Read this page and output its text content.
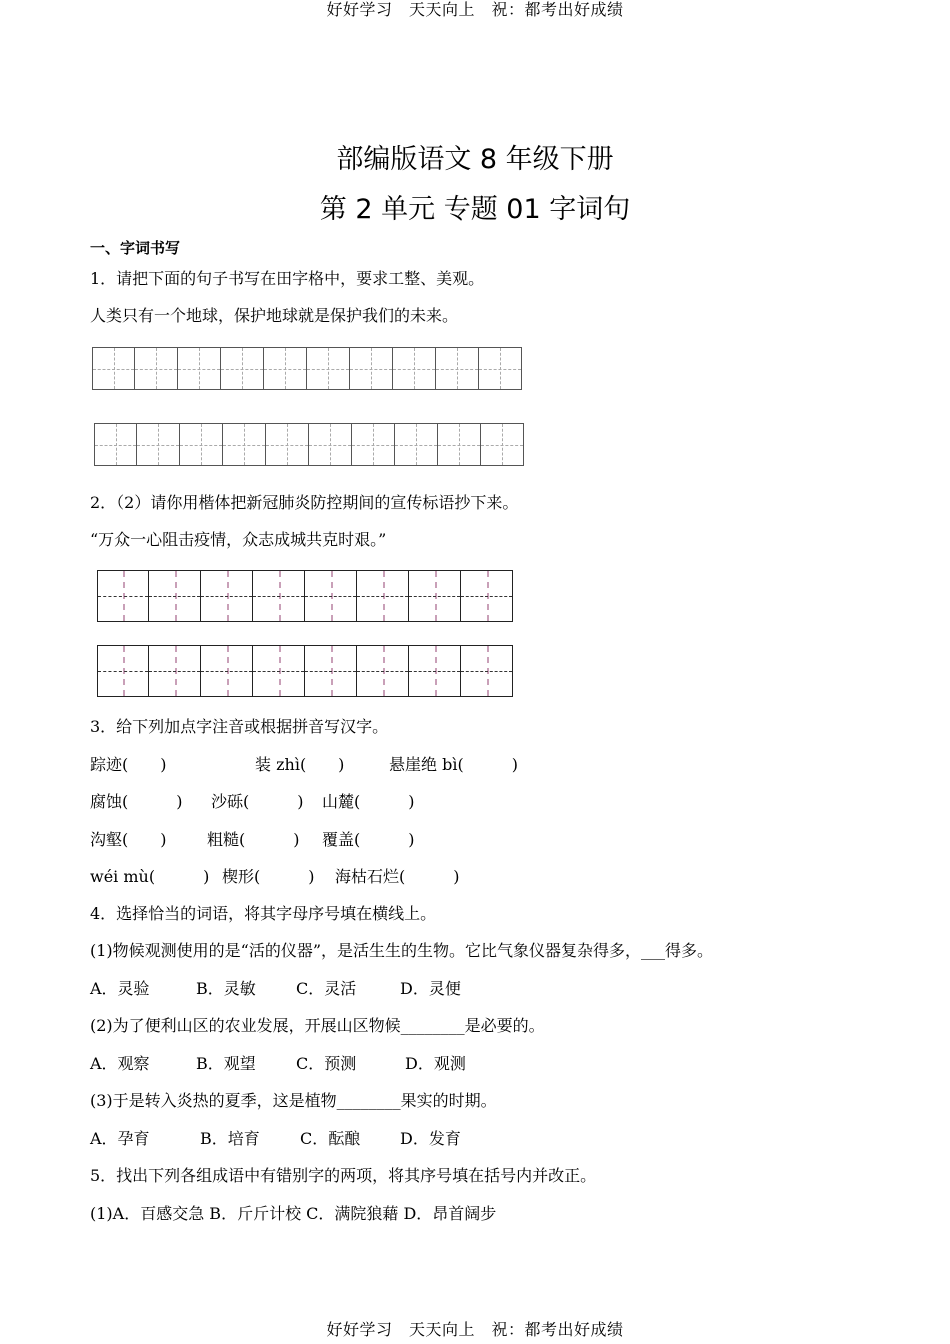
好好学习　天天向上　祝：都考出好成绩
部编版语文 8 年级下册
第 2 单元 专题 01 字词句
一、字词书写
1．请把下面的句子书写在田字格中，要求工整、美观。
人类只有一个地球，保护地球就是保护我们的未来。
2．（2）请你用楷体把新冠肺炎防控期间的宣传标语抄下来。
“万众一心阻击疫情，众志成城共克时艰。”
3．给下列加点字注音或根据拼音写汉字。
踪迹(　　)	装 zhì(　　)	悬崖绝 bì(　　　)
腐蚀(　　　) 沙砾(　　　) 山麓(　　　)
沟壑(　　)	粗糙(　　　) 覆盖(　　　)
wéi mù(　　　) 楔形(　　　) 海枯石烂(　　　)
4．选择恰当的词语，将其字母序号填在横线上。
(1)物候观测使用的是“活的仪器”，是活生生的生物。它比气象仪器复杂得多，___得多。
A．灵验	B．灵敏	C．灵活	D．灵便
(2)为了便利山区的农业发展，开展山区物候________是必要的。
A．观察	B．观望	C．预测	D．观测
(3)于是转入炎热的夏季，这是植物________果实的时期。
A．孕育	B．培育	C．酝酿 D．发育
5．找出下列各组成语中有错别字的两项，将其序号填在括号内并改正。
(1)A．百感交急 B．斤斤计校 C．满院狼藉 D．昂首阔步
好好学习　天天向上　祝：都考出好成绩
